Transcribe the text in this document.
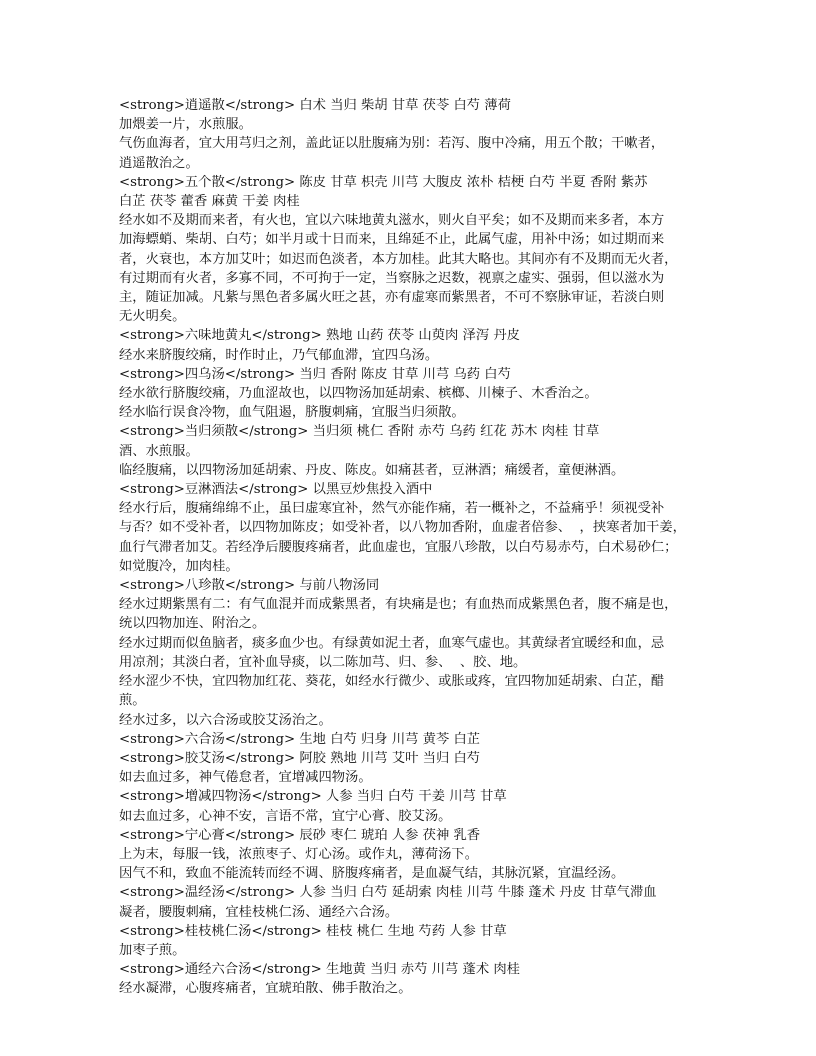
<strong>逍遥散</strong> 白术 当归 柴胡 甘草 茯苓 白芍 薄荷

加煨姜一片，水煎服。

气伤血海者，宜大用芎归之剂，盖此证以肚腹痛为别：若泻、腹中冷痛，用五个散；干嗽者，

逍遥散治之。

<strong>五个散</strong> 陈皮 甘草 枳壳 川芎 大腹皮 浓朴 桔梗 白芍 半夏 香附 紫苏

白芷 茯苓 藿香 麻黄 干姜 肉桂

经水如不及期而来者，有火也，宜以六味地黄丸滋水，则火自平矣；如不及期而来多者，本方

加海螵蛸、柴胡、白芍；如半月或十日而来，且绵延不止，此属气虚，用补中汤；如过期而来

者，火衰也，本方加艾叶；如迟而色淡者，本方加桂。此其大略也。其间亦有不及期而无火者，

有过期而有火者，多寡不同，不可拘于一定，当察脉之迟数，视禀之虚实、强弱，但以滋水为

主，随证加减。凡紫与黑色者多属火旺之甚，亦有虚寒而紫黑者，不可不察脉审证，若淡白则

无火明矣。

<strong>六味地黄丸</strong> 熟地 山药 茯苓 山萸肉 泽泻 丹皮

经水来脐腹绞痛，时作时止，乃气郁血滞，宜四乌汤。

<strong>四乌汤</strong> 当归 香附 陈皮 甘草 川芎 乌药 白芍

经水欲行脐腹绞痛，乃血涩故也，以四物汤加延胡索、槟榔、川楝子、木香治之。

经水临行误食冷物，血气阻遏，脐腹刺痛，宜服当归须散。

<strong>当归须散</strong> 当归须 桃仁 香附 赤芍 乌药 红花 苏木 肉桂 甘草

酒、水煎服。

临经腹痛，以四物汤加延胡索、丹皮、陈皮。如痛甚者，豆淋酒；痛缓者，童便淋酒。

<strong>豆淋酒法</strong> 以黑豆炒焦投入酒中

经水行后，腹痛绵绵不止，虽曰虚寒宜补，然气亦能作痛，若一概补之，不益痛乎！须视受补

与否？如不受补者，以四物加陈皮；如受补者，以八物加香附，血虚者倍参、  ，挟寒者加干姜，

血行气滞者加艾。若经净后腰腹疼痛者，此血虚也，宜服八珍散，以白芍易赤芍，白术易砂仁；

如觉腹冷，加肉桂。

<strong>八珍散</strong> 与前八物汤同

经水过期紫黑有二：有气血混并而成紫黑者，有块痛是也；有血热而成紫黑色者，腹不痛是也，

统以四物加连、附治之。

经水过期而似鱼脑者，痰多血少也。有绿黄如泥土者，血寒气虚也。其黄绿者宜暖经和血，忌

用凉剂；其淡白者，宜补血导痰，以二陈加芎、归、参、  、胶、地。

经水涩少不快，宜四物加红花、葵花，如经水行微少、或胀或疼，宜四物加延胡索、白芷，醋

煎。

经水过多，以六合汤或胶艾汤治之。

<strong>六合汤</strong> 生地 白芍 归身 川芎 黄芩 白芷

<strong>胶艾汤</strong> 阿胶 熟地 川芎 艾叶 当归 白芍

如去血过多，神气倦怠者，宜增减四物汤。

<strong>增减四物汤</strong> 人参 当归 白芍 干姜 川芎 甘草

如去血过多，心神不安，言语不常，宜宁心膏、胶艾汤。

<strong>宁心膏</strong> 辰砂 枣仁 琥珀 人参 茯神 乳香

上为末，每服一钱，浓煎枣子、灯心汤。或作丸，薄荷汤下。

因气不和，致血不能流转而经不调、脐腹疼痛者，是血凝气结，其脉沉紧，宜温经汤。

<strong>温经汤</strong> 人参 当归 白芍 延胡索 肉桂 川芎 牛膝 蓬术 丹皮 甘草气滞血

凝者，腰腹刺痛，宜桂枝桃仁汤、通经六合汤。

<strong>桂枝桃仁汤</strong> 桂枝 桃仁 生地 芍药 人参 甘草

加枣子煎。

<strong>通经六合汤</strong> 生地黄 当归 赤芍 川芎 蓬术 肉桂

经水凝滞，心腹疼痛者，宜琥珀散、佛手散治之。
